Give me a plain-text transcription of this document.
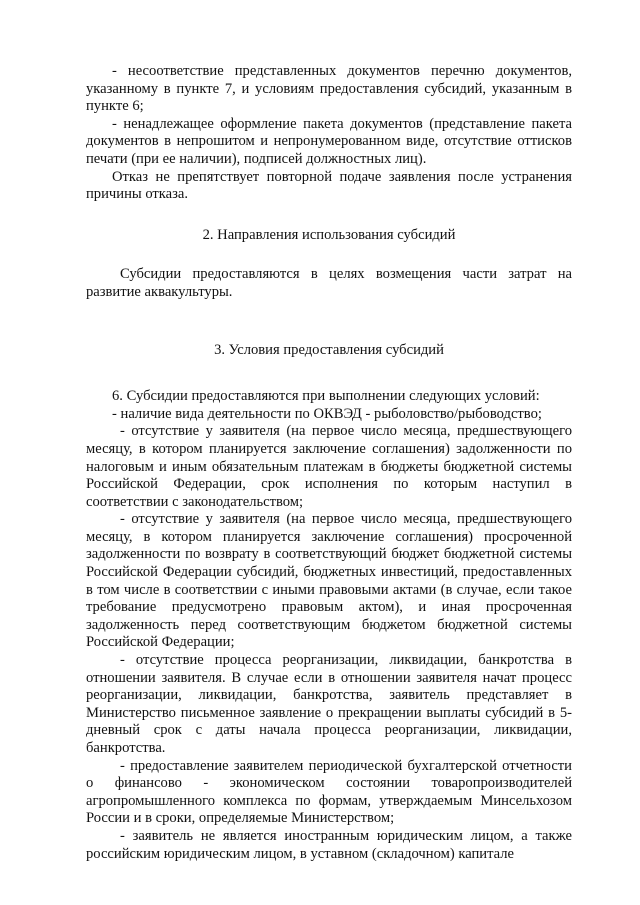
- несоответствие представленных документов перечню документов, указанному в пункте 7, и условиям предоставления субсидий, указанным в пункте 6;

- ненадлежащее оформление пакета документов (представление пакета документов в непрошитом и непронумерованном виде, отсутствие оттисков печати (при ее наличии), подписей должностных лиц).

Отказ не препятствует повторной подаче заявления после устранения причины отказа.

2. Направления использования субсидий

Субсидии предоставляются в целях возмещения части затрат на развитие аквакультуры.

3. Условия предоставления субсидий

6. Субсидии предоставляются при выполнении следующих условий:

- наличие вида деятельности по ОКВЭД - рыболовство/рыбоводство;

- отсутствие у заявителя (на первое число месяца, предшествующего месяцу, в котором планируется заключение соглашения) задолженности по налоговым и иным обязательным платежам в бюджеты бюджетной системы Российской Федерации, срок исполнения по которым наступил в соответствии с законодательством;

- отсутствие у заявителя (на первое число месяца, предшествующего месяцу, в котором планируется заключение соглашения) просроченной задолженности по возврату в соответствующий бюджет бюджетной системы Российской Федерации субсидий, бюджетных инвестиций, предоставленных в том числе в соответствии с иными правовыми актами (в случае, если такое требование предусмотрено правовым актом), и иная просроченная задолженность перед соответствующим бюджетом бюджетной системы Российской Федерации;

- отсутствие процесса реорганизации, ликвидации, банкротства в отношении заявителя. В случае если в отношении заявителя начат процесс реорганизации, ликвидации, банкротства, заявитель представляет в Министерство письменное заявление о прекращении выплаты субсидий в 5-дневный срок с даты начала процесса реорганизации, ликвидации, банкротства.

- предоставление заявителем периодической бухгалтерской отчетности о финансово - экономическом состоянии товаропроизводителей агропромышленного комплекса по формам, утверждаемым Минсельхозом России и в сроки, определяемые Министерством;

- заявитель не является иностранным юридическим лицом, а также российским юридическим лицом, в уставном (складочном) капитале
